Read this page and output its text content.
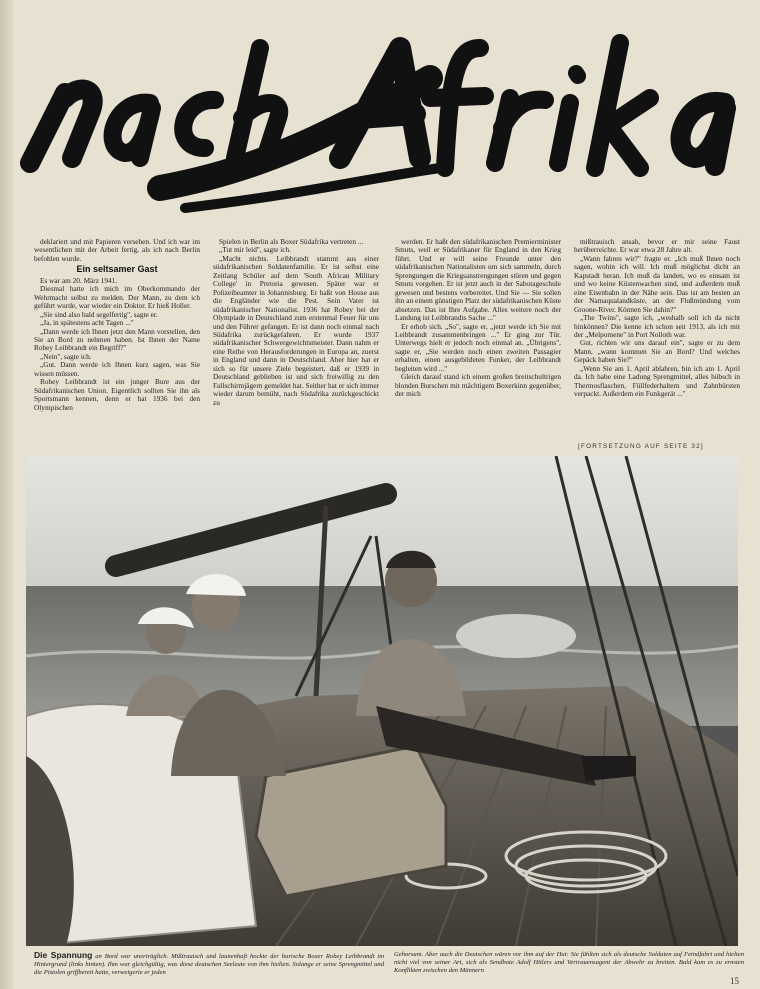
deklariert und mit Papieren versehen. Und ich war im wesentlichen mit der Arbeit fertig, als ich nach Berlin befohlen wurde.

Ein seltsamer Gast

Es war am 20. März 1941.

Diesmal hatte ich mich im Oberkommando der Wehrmacht selbst zu melden. Der Mann, zu dem ich geführt wurde, war wieder ein Doktor. Er hieß Holler.

„Sie sind also bald segelfertig", sagte er.

„Ja, in spätestens acht Tagen ..."

„Dann werde ich Ihnen jetzt den Mann vorstellen, den Sie an Bord zu nehmen haben. Ist Ihnen der Name Robey Leibbrandt ein Begriff?"

„Nein", sagte ich.

„Gut. Dann werde ich Ihnen kurz sagen, was Sie wissen müssen.

Robey Leibbrandt ist ein junger Bure aus der Südafrikanischen Union. Eigentlich sollten Sie ihn als Sportsmann kennen, denn er hat 1936 bei den Olympischen

Spielen in Berlin als Boxer Südafrika vertreten ...

„Tut mir leid", sagte ich.

„Macht nichts. Leibbrandt stammt aus einer südafrikanischen Soldatenfamilie. Er ist selbst eine Zeitlang Schüler auf dem 'South African Military College' in Pretoria gewesen. Später war er Polizeibeamter in Johannisburg. Er haßt von House aus die Engländer wie die Pest. Sein Vater ist südafrikanischer Nationalist. 1936 hat Robey bei der Olympiade in Deutschland zum erstenmal Feuer für uns und den Führer gefangen. Er ist dann noch einmal nach Südafrika zurückgefahren. Er wurde 1937 südafrikanischer Schwergewichtsmeister. Dann nahm er eine Reihe von Herausforderungen in Europa an, zuerst in England und dann in Deutschland. Aber hier hat er sich so für unsere Ziele begeistert, daß er 1939 in Deutschland geblieben ist und sich freiwillig zu den Fallschirmjägern gemeldet hat. Seither hat er sich immer wieder darum bemüht, nach Südafrika zurückgeschickt zu

werden. Er haßt den südafrikanischen Premierminister Smuts, weil er Südafrikaner für England in den Krieg führt. Und er will seine Freunde unter den südafrikanischen Nationalisten um sich sammeln, durch Sprengungen die Kriegsanstrengungen stören und gegen Smuts vorgehen. Er ist jetzt auch in der Sabotageschule gewesen und bestens vorbereitet. Und Sie — Sie sollen ihn an einem günstigen Platz der südafrikanischen Küste absetzen. Das ist Ihre Aufgabe. Alles weitere noch der Landung ist Leibbrandts Sache ..."

Er erhob sich. „So", sagte er, „jetzt werde ich Sie mit Leibbrandt zusammenbringen ..." Er ging zur Tür. Unterwegs hielt er jedoch noch einmal an. „Übrigens", sagte er, „Sie werden noch einen zweiten Passagier erhalten, einen ausgebildeten Funker, der Leibbrandt begleiten wird ..."

Gleich darauf stand ich einem großen breitschultrigen blonden Burschen mit mächtigem Boxerkinn gegenüber, der mich

mißtrauisch ansah, bevor er mir seine Faust herüberreichte. Er war etwa 28 Jahre alt.

„Wann fahren wir?" fragte er. „Ich muß Ihnen noch sagen, wohin ich will. Ich muß möglichst dicht an Kapstadt heran. Ich muß da landen, wo es einsam ist und wo keine Küstenwachen sind, und außerdem muß eine Eisenbahn in der Nähe sein. Das ist am besten an der Namaqualandküste, an der Flußmündung vom Groone-River. Können Sie dahin?"

„The Twins", sagte ich, „weshalb soll ich da nicht hinkönnen? Die kenne ich schon seit 1913, als ich mit der „Melpomene" in Port Nolloth war.

Gut, richten wir uns darauf ein", sagte er zu dem Mann, „wann kommen Sie an Bord? Und welches Gepäck haben Sie?"

„Wenn Sie am 1. April ablahren, bin ich am 1. April da. Ich habe eine Ladung Sprengmittel, alles hübsch in Thermosflaschen, Füllfederhaltern und Zahnbürsten verpackt. Außerdem ein Funkgerät ..."

[FORTSETZUNG AUF SEITE 32]
Die Spannung an Bord war unerträglich. Mißtrauisch und launenhaft hockte der burische Boxer Robey Leibbrandt im Hintergrund (links hinten). Ihm war gleichgültig, was diese deutschen Seeleute von ihm hielten. Solange er seine Sprengmittel und die Pistolen griffbereit hatte, verweigerte er jeden
Gehorsam. Aber auch die Deutschen wären vor ihm auf der Hut: Sie fühlten sich als deutsche Soldaten auf Feindfahrt und hielten nicht viel von seiner Art, sich als Sendbote Adolf Hitlers und Vertrauensagent der Abwehr zu breiten. Bald kam es zu ernsten Konflikten zwischen den Männern
15
